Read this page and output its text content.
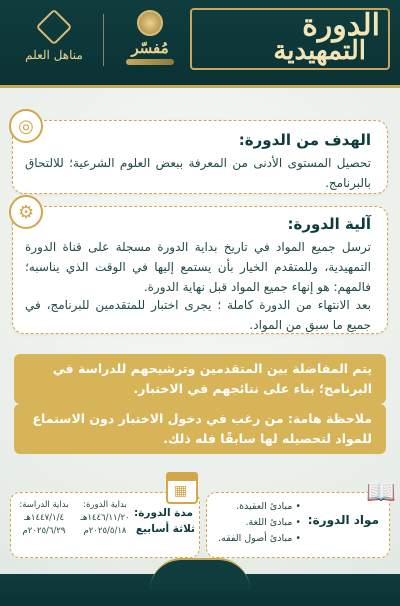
الدورة
التمهيدية
مُفسّر
مناهل العلم
◎
الهدف من الدورة:
تحصيل المستوى الأدنى من المعرفة ببعض العلوم الشرعية؛ للالتحاق بالبرنامج.
⚙
آلية الدورة:
ترسل جميع المواد في تاريخ بداية الدورة مسجلة على قناة الدورة التمهيدية، وللمتقدم الخيار بأن يستمع إليها في الوقت الذي يناسبه؛ فالمهم: هو إنهاء جميع المواد قبل نهاية الدورة.
بعد الانتهاء من الدورة كاملة ؛ يجرى اختبار للمتقدمين للبرنامج، في جميع ما سبق من المواد.
يتم المفاضلة بين المتقدمين وترشيحهم للدراسة في البرنامج؛ بناء على نتائجهم في الاختبار.
ملاحظة هامة: من رغب في دخول الاختبار دون الاستماع للمواد لتحصيله لها سابقًا فله ذلك.
مواد الدورة:
• مبادئ العقيدة.
• مبادئ اللغة.
• مبادئ أصول الفقه.
📖
مدة الدورة:
ثلاثة أسابيع
بداية الدورة:
١٤٤٦/١١/٢٠هـ
٢٠٢٥/٥/١٨م
بداية الدراسة:
١٤٤٧/١/٤هـ
٢٠٢٥/٦/٢٩م
▦
